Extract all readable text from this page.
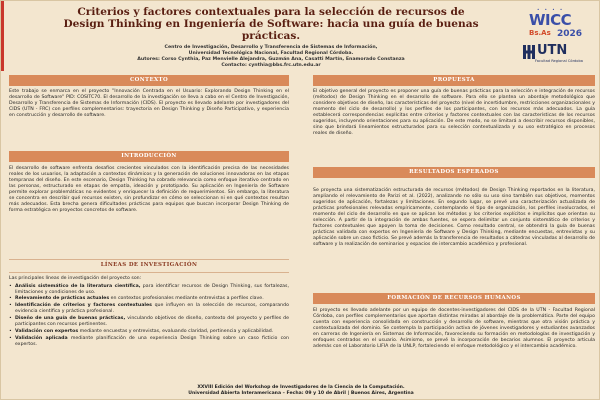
Criterios y factores contextuales para la selección de recursos de Design Thinking en Ingeniería de Software: hacia una guía de buenas prácticas.
Centro de Investigación, Desarrollo y Transferencia de Sistemas de Información,
Universidad Tecnológica Nacional, Facultad Regional Córdoba.
Autores: Corso Cynthia, Paz Menvielle Alejandra, Guzmán Ana, Casatti Martín, Enamorado Constanza
Contacto: cynthia@bbs.frc.utn.edu.ar
• • • •
WICC
Bs.As 2026
UTN
Facultad Regional Córdoba
CONTEXTO
Este trabajo se enmarca en el proyecto "Innovación Centrada en el Usuario: Explorando Design Thinking en el desarrollo de Software" PID: COSITC70. El desarrollo de la investigación se lleva a cabo en el Centro de Investigación, Desarrollo y Transferencia de Sistemas de Información (CIDS). El proyecto es llevado adelante por investigadores del CIDS (UTN - FRC) con perfiles complementarios: trayectoria en Design Thinking y Diseño Participativo, y experiencia en construcción y desarrollo de software.
INTRODUCCIÓN
El desarrollo de software enfrenta desafíos crecientes vinculados con la identificación precisa de las necesidades reales de los usuarios, la adaptación a contextos dinámicos y la generación de soluciones innovadoras en las etapas tempranas del diseño. En este escenario, Design Thinking ha cobrado relevancia como enfoque iterativo centrado en las personas, estructurado en etapas de empatía, ideación y prototipado. Su aplicación en Ingeniería de Software permite explorar problemáticas no evidentes y enriquecer la definición de requerimientos. Sin embargo, la literatura se concentra en describir qué recursos existen, sin profundizar en cómo se seleccionan ni en qué contextos resultan más adecuados. Esta brecha genera dificultades prácticas para equipos que buscan incorporar Design Thinking de forma estratégica en proyectos concretos de software.
LÍNEAS DE INVESTIGACIÓN
Las principales líneas de investigación del proyecto son:
• Análisis sistemático de la literatura científica, para identificar recursos de Design Thinking, sus fortalezas, limitaciones y condiciones de uso.
• Relevamiento de prácticas actuales en contextos profesionales mediante entrevistas a perfiles clave.
• Identificación de criterios y factores contextuales que influyen en la selección de recursos, comparando evidencia científica y práctica profesional.
• Diseño de una guía de buenas prácticas, vinculando objetivos de diseño, contexto del proyecto y perfiles de participantes con recursos pertinentes.
• Validación con expertos mediante encuestas y entrevistas, evaluando claridad, pertinencia y aplicabilidad.
• Validación aplicada mediante planificación de una experiencia Design Thinking sobre un caso ficticio con expertos.
PROPUESTA
El objetivo general del proyecto es proponer una guía de buenas prácticas para la selección e integración de recursos (métodos) de Design Thinking en el desarrollo de software. Para ello se plantea un abordaje metodológico que considere objetivos de diseño, las características del proyecto (nivel de incertidumbre, restricciones organizacionales y momento del ciclo de desarrollo) y los perfiles de los participantes, con los recursos más adecuados. La guía establecerá correspondencias explícitas entre criterios y factores contextuales con las características de los recursos sugeridos, incluyendo orientaciones para su aplicación. De este modo, no se limitará a describir recursos disponibles, sino que brindará lineamientos estructurados para su selección contextualizada y su uso estratégico en procesos reales de diseño.
RESULTADOS ESPERADOS
Se proyecta una sistematización estructurada de recursos (métodos) de Design Thinking reportados en la literatura, ampliando el relevamiento de Parizi et al. (2022), analizando no sólo su uso sino también sus objetivos, momentos sugeridos de aplicación, fortalezas y limitaciones. En segundo lugar, se prevé una caracterización actualizada de prácticas profesionales relevadas empíricamente, contemplando el tipo de organización, los perfiles involucrados, el momento del ciclo de desarrollo en que se aplican los métodos y los criterios explícitos e implícitos que orientan su selección. A partir de la integración de ambas fuentes, se espera delimitar un conjunto sistemático de criterios y factores contextuales que apoyen la toma de decisiones. Como resultado central, se obtendrá la guía de buenas prácticas validada con expertos en Ingeniería de Software y Design Thinking, mediante encuestas, entrevistas y su aplicación sobre un caso ficticio. Se prevé además la transferencia de resultados a cátedras vinculadas al desarrollo de software y la realización de seminarios y espacios de intercambio académico y profesional.
FORMACIÓN DE RECURSOS HUMANOS
El proyecto es llevado adelante por un equipo de docentes-investigadores del CIDS de la UTN - Facultad Regional Córdoba, con perfiles complementarios que aportan distintas miradas al abordaje de la problemática. Parte del equipo cuenta con experiencia consolidada en construcción y desarrollo de software, mientras que otra visión práctica y contextualizada del dominio. Se contempla la participación activa de jóvenes investigadores y estudiantes avanzados en carreras de Ingeniería en Sistemas de Información, favoreciendo su formación en metodologías de investigación y enfoques centrados en el usuario. Asimismo, se prevé la incorporación de becarios alumnos. El proyecto articula además con el Laboratorio LIFIA de la UNLP, fortaleciendo el enfoque metodológico y el intercambio académico.
XXVIII Edición del Workshop de Investigadores de la Ciencia de la Computación.
Universidad Abierta Interamericana – Fecha: 09 y 10 de Abril | Buenos Aires, Argentina
